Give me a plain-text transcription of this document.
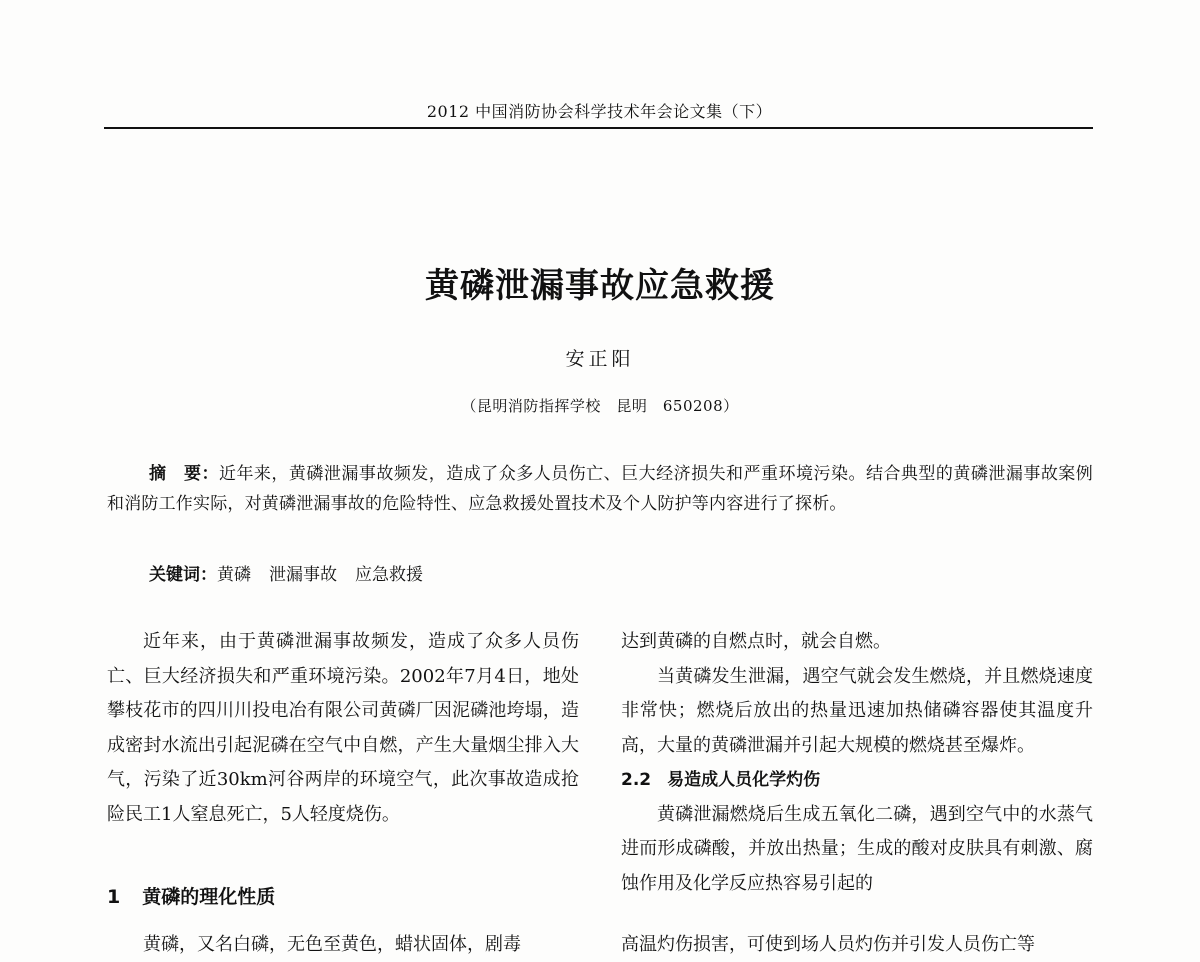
2012 中国消防协会科学技术年会论文集（下）
黄磷泄漏事故应急救援
安正阳
（昆明消防指挥学校　昆明　650208）

摘　要：近年来，黄磷泄漏事故频发，造成了众多人员伤亡、巨大经济损失和严重环境污染。结合典型的黄磷泄漏事故案例和消防工作实际，对黄磷泄漏事故的危险特性、应急救援处置技术及个人防护等内容进行了探析。

关键词：黄磷 泄漏事故 应急救援

近年来，由于黄磷泄漏事故频发，造成了众多人员伤亡、巨大经济损失和严重环境污染。2002年7月4日，地处攀枝花市的四川川投电冶有限公司黄磷厂因泥磷池垮塌，造成密封水流出引起泥磷在空气中自燃，产生大量烟尘排入大气，污染了近30km河谷两岸的环境空气，此次事故造成抢险民工1人窒息死亡，5人轻度烧伤。

1 黄磷的理化性质
黄磷，又名白磷，无色至黄色，蜡状固体，剧毒

达到黄磷的自燃点时，就会自燃。

当黄磷发生泄漏，遇空气就会发生燃烧，并且燃烧速度非常快；燃烧后放出的热量迅速加热储磷容器使其温度升高，大量的黄磷泄漏并引起大规模的燃烧甚至爆炸。

2.2 易造成人员化学灼伤

黄磷泄漏燃烧后生成五氧化二磷，遇到空气中的水蒸气进而形成磷酸，并放出热量；生成的酸对皮肤具有刺激、腐蚀作用及化学反应热容易引起的

高温灼伤损害，可使到场人员灼伤并引发人员伤亡等
